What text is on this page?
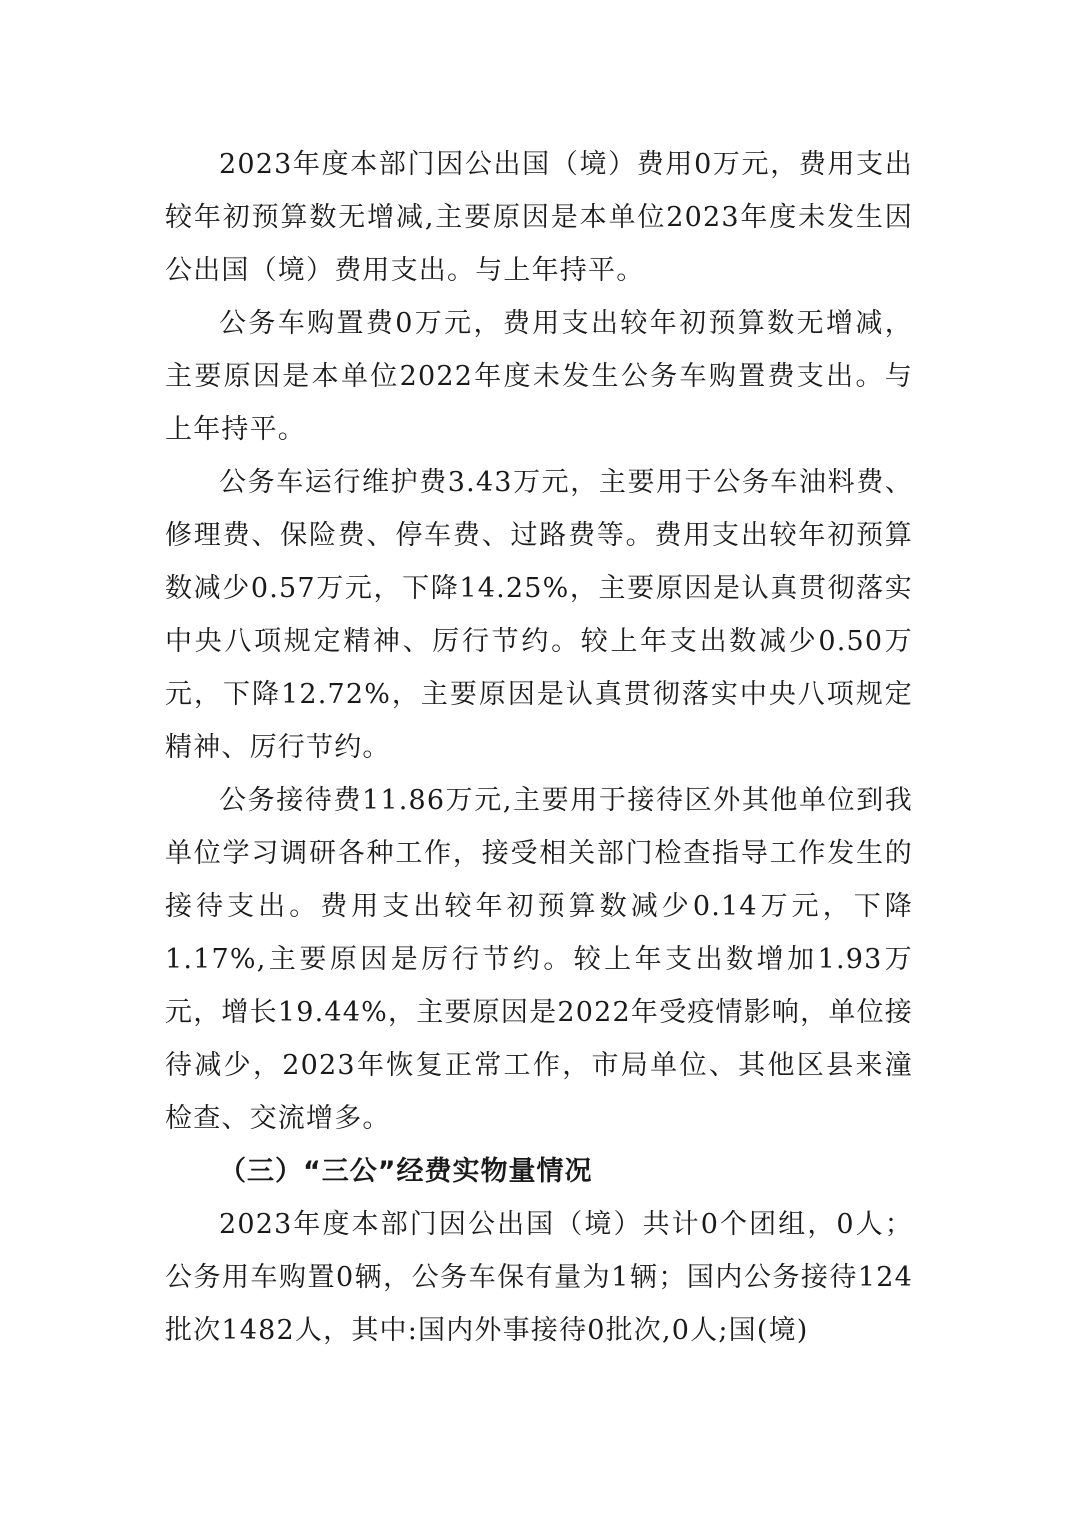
2023年度本部门因公出国（境）费用0万元，费用支出较年初预算数无增减,主要原因是本单位2023年度未发生因公出国（境）费用支出。与上年持平。

公务车购置费0万元，费用支出较年初预算数无增减，主要原因是本单位2022年度未发生公务车购置费支出。与上年持平。

公务车运行维护费3.43万元，主要用于公务车油料费、修理费、保险费、停车费、过路费等。费用支出较年初预算数减少0.57万元，下降14.25%，主要原因是认真贯彻落实中央八项规定精神、厉行节约。较上年支出数减少0.50万元，下降12.72%，主要原因是认真贯彻落实中央八项规定精神、厉行节约。

公务接待费11.86万元,主要用于接待区外其他单位到我单位学习调研各种工作，接受相关部门检查指导工作发生的接待支出。费用支出较年初预算数减少0.14万元，下降1.17%,主要原因是厉行节约。较上年支出数增加1.93万元，增长19.44%，主要原因是2022年受疫情影响，单位接待减少，2023年恢复正常工作，市局单位、其他区县来潼检查、交流增多。

（三）“三公”经费实物量情况

2023年度本部门因公出国（境）共计0个团组，0人；公务用车购置0辆，公务车保有量为1辆；国内公务接待124批次1482人，其中:国内外事接待0批次,0人;国(境)
